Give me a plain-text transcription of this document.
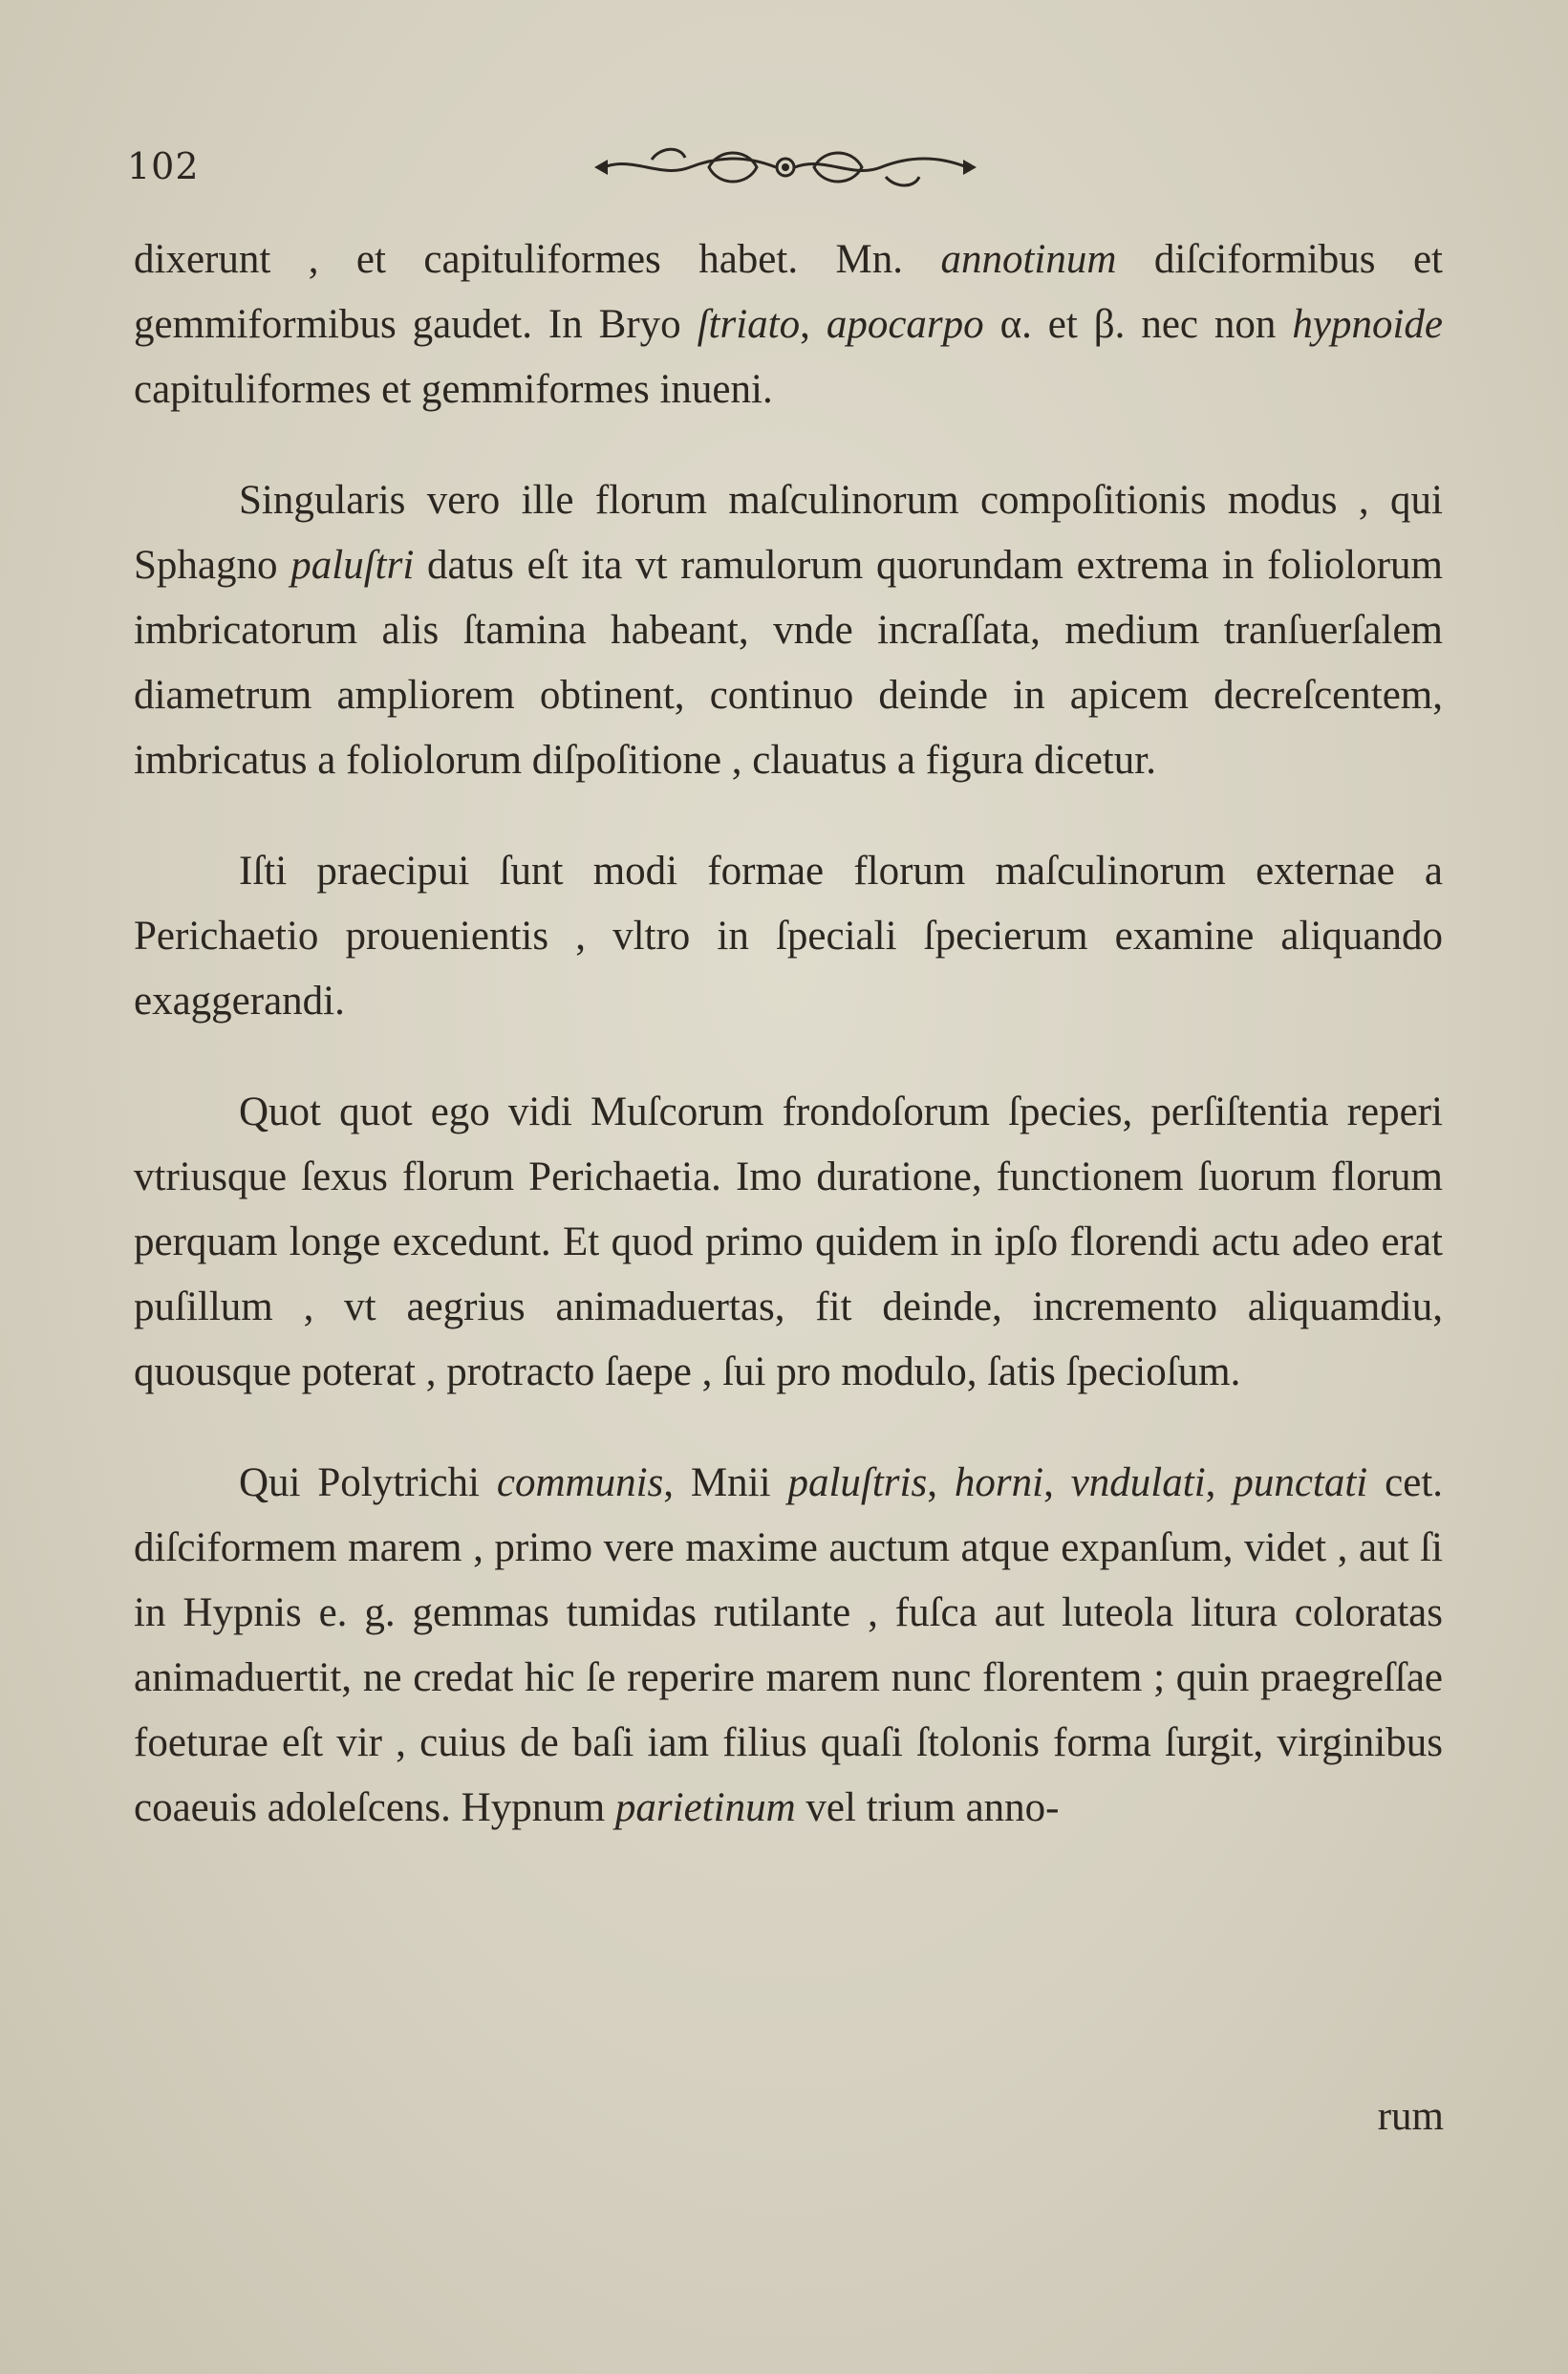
102

dixerunt , et capituliformes habet. Mn. annotinum diſciformibus et gemmiformibus gaudet. In Bryo ſtriato, apocarpo α. et β. nec non hypnoide capituliformes et gemmiformes inueni.

Singularis vero ille florum maſculinorum compoſitionis modus , qui Sphagno paluſtri datus eſt ita vt ramulorum quorundam extrema in foliolorum imbricatorum alis ſtamina habeant, vnde incraſſata, medium tranſuerſalem diametrum ampliorem obtinent, continuo deinde in apicem decreſcentem, imbricatus a foliolorum diſpoſitione , clauatus a figura dicetur.

Iſti praecipui ſunt modi formae florum maſculinorum externae a Perichaetio prouenientis , vltro in ſpeciali ſpecierum examine aliquando exaggerandi.

Quot quot ego vidi Muſcorum frondoſorum ſpecies, perſiſtentia reperi vtriusque ſexus florum Perichaetia. Imo duratione, functionem ſuorum florum perquam longe excedunt. Et quod primo quidem in ipſo florendi actu adeo erat puſillum , vt aegrius animaduertas, fit deinde, incremento aliquamdiu, quousque poterat , protracto ſaepe , ſui pro modulo, ſatis ſpecioſum.

Qui Polytrichi communis, Mnii paluſtris, horni, vndulati, punctati cet. diſciformem marem , primo vere maxime auctum atque expanſum, videt , aut ſi in Hypnis e. g. gemmas tumidas rutilante , fuſca aut luteola litura coloratas animaduertit, ne credat hic ſe reperire marem nunc florentem ; quin praegreſſae foeturae eſt vir , cuius de baſi iam filius quaſi ſtolonis forma ſurgit, virginibus coaeuis adoleſcens. Hypnum parietinum vel trium anno-

rum
